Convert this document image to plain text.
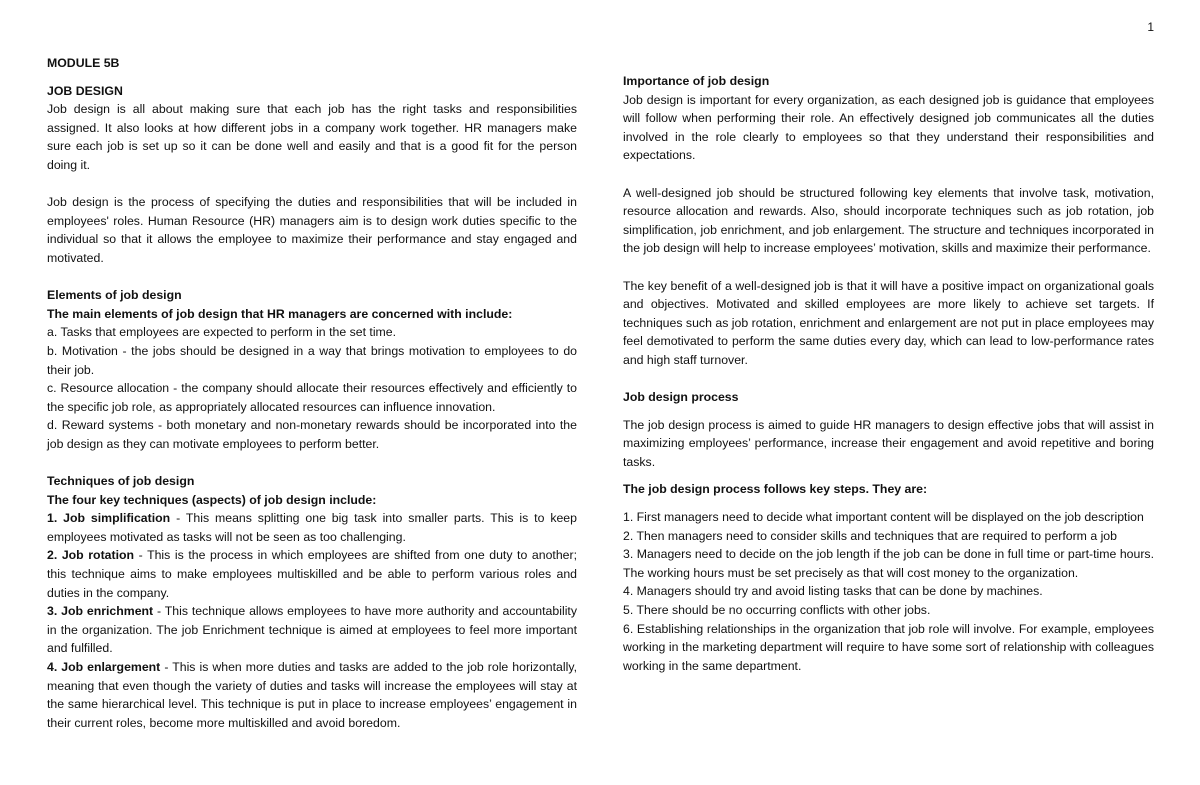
1

MODULE 5B

JOB DESIGN

Job design is all about making sure that each job has the right tasks and responsibilities assigned. It also looks at how different jobs in a company work together. HR managers make sure each job is set up so it can be done well and easily and that is a good fit for the person doing it.

Job design is the process of specifying the duties and responsibilities that will be included in employees' roles. Human Resource (HR) managers aim is to design work duties specific to the individual so that it allows the employee to maximize their performance and stay engaged and motivated.

Elements of job design

The main elements of job design that HR managers are concerned with include:

a. Tasks that employees are expected to perform in the set time.

b. Motivation - the jobs should be designed in a way that brings motivation to employees to do their job.

c. Resource allocation - the company should allocate their resources effectively and efficiently to the specific job role, as appropriately allocated resources can influence innovation.

d. Reward systems - both monetary and non-monetary rewards should be incorporated into the job design as they can motivate employees to perform better.

Techniques of job design

The four key techniques (aspects) of job design include:

1. Job simplification - This means splitting one big task into smaller parts. This is to keep employees motivated as tasks will not be seen as too challenging.

2. Job rotation - This is the process in which employees are shifted from one duty to another; this technique aims to make employees multiskilled and be able to perform various roles and duties in the company.

3. Job enrichment - This technique allows employees to have more authority and accountability in the organization. The job Enrichment technique is aimed at employees to feel more important and fulfilled.

4. Job enlargement - This is when more duties and tasks are added to the job role horizontally, meaning that even though the variety of duties and tasks will increase the employees will stay at the same hierarchical level. This technique is put in place to increase employees’ engagement in their current roles, become more multiskilled and avoid boredom.

Importance of job design

Job design is important for every organization, as each designed job is guidance that employees will follow when performing their role. An effectively designed job communicates all the duties involved in the role clearly to employees so that they understand their responsibilities and expectations.

A well-designed job should be structured following key elements that involve task, motivation, resource allocation and rewards. Also, should incorporate techniques such as job rotation, job simplification, job enrichment, and job enlargement. The structure and techniques incorporated in the job design will help to increase employees’ motivation, skills and maximize their performance.

The key benefit of a well-designed job is that it will have a positive impact on organizational goals and objectives. Motivated and skilled employees are more likely to achieve set targets. If techniques such as job rotation, enrichment and enlargement are not put in place employees may feel demotivated to perform the same duties every day, which can lead to low-performance rates and high staff turnover.

Job design process

The job design process is aimed to guide HR managers to design effective jobs that will assist in maximizing employees’ performance, increase their engagement and avoid repetitive and boring tasks.

The job design process follows key steps. They are:

1. First managers need to decide what important content will be displayed on the job description

2. Then managers need to consider skills and techniques that are required to perform a job

3. Managers need to decide on the job length if the job can be done in full time or part-time hours. The working hours must be set precisely as that will cost money to the organization.

4. Managers should try and avoid listing tasks that can be done by machines.

5. There should be no occurring conflicts with other jobs.

6. Establishing relationships in the organization that job role will involve. For example, employees working in the marketing department will require to have some sort of relationship with colleagues working in the same department.
